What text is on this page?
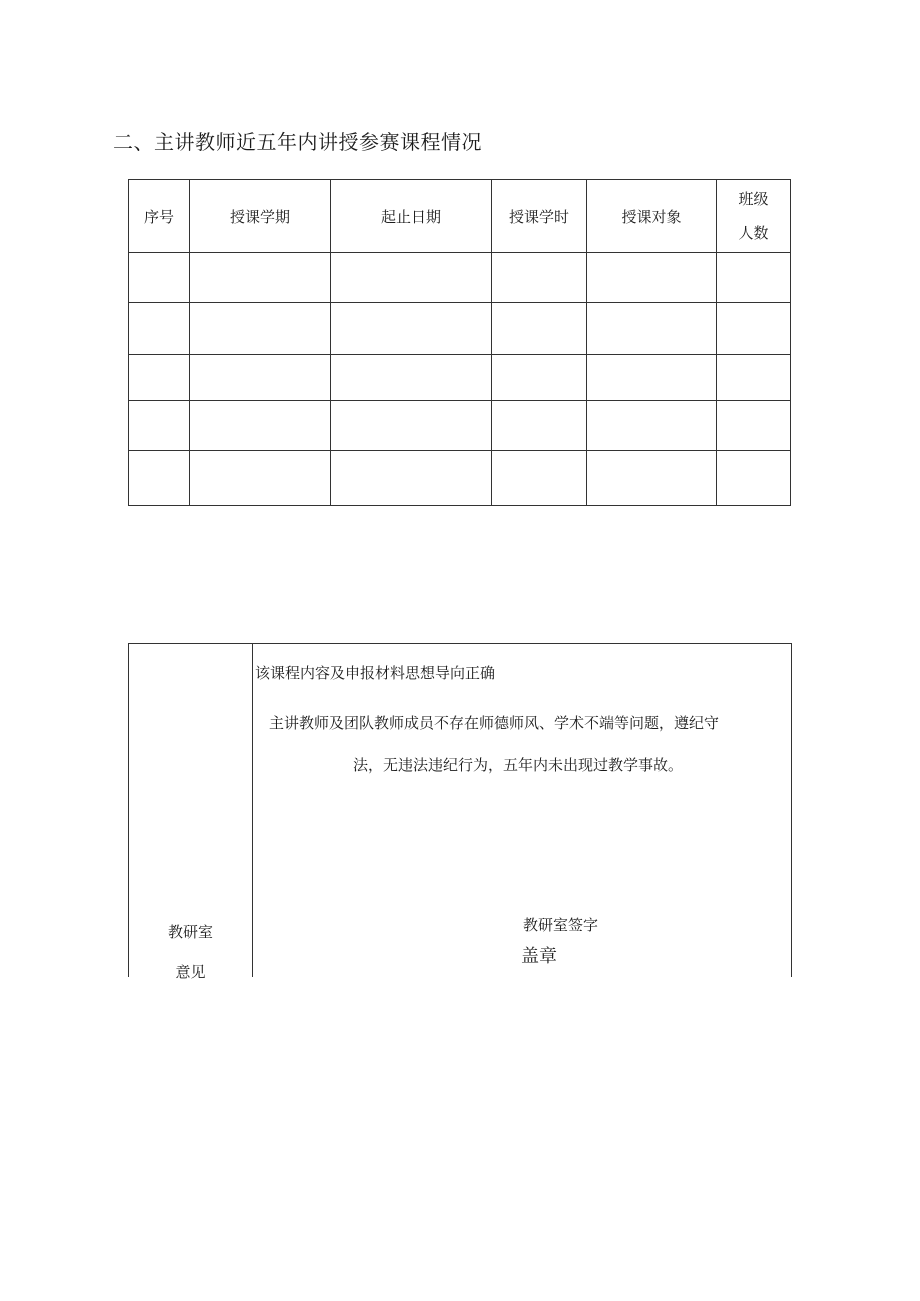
二、主讲教师近五年内讲授参赛课程情况
序号	授课学期	起止日期	授课学时	授课对象	班级
人数

教研室
意见
该课程内容及申报材料思想导向正确
主讲教师及团队教师成员不存在师德师风、学术不端等问题，遵纪守
法，无违法违纪行为，五年内未出现过教学事故。
教研室签字
盖章
